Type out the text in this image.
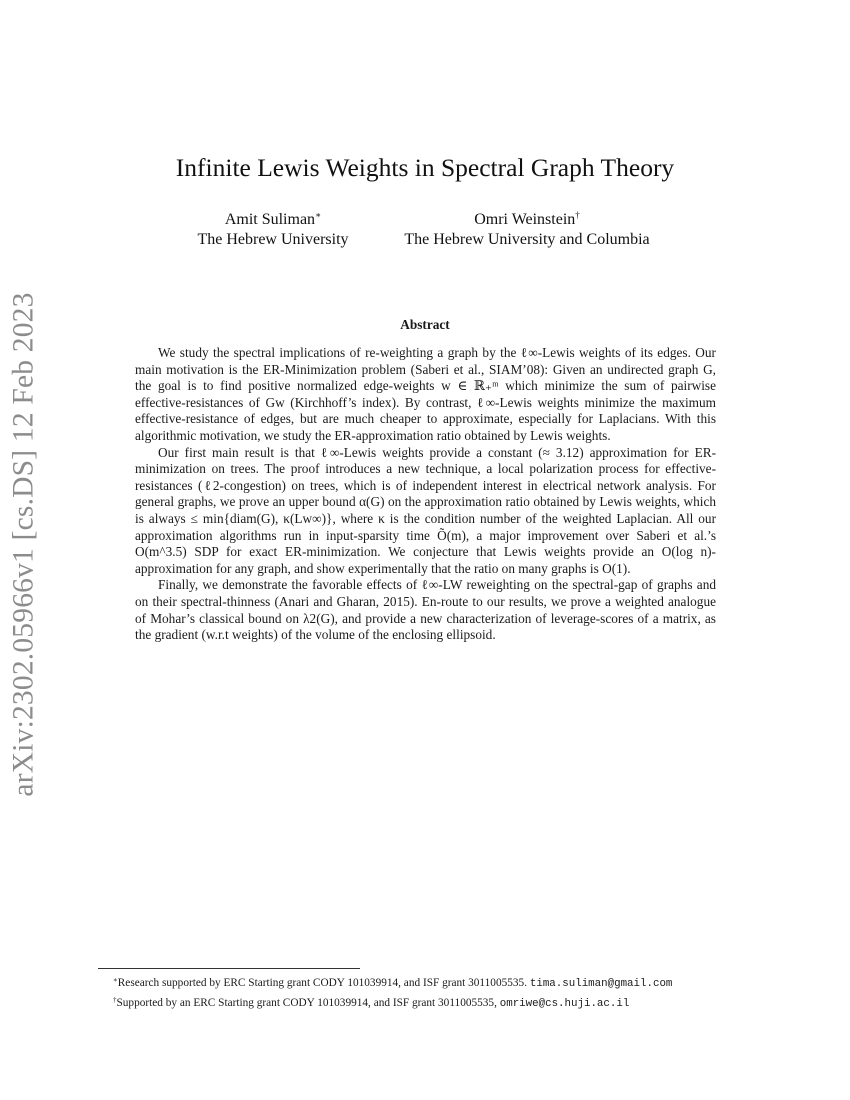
arXiv:2302.05966v1 [cs.DS] 12 Feb 2023
Infinite Lewis Weights in Spectral Graph Theory
Amit Suliman∗
The Hebrew University
Omri Weinstein†
The Hebrew University and Columbia
Abstract

We study the spectral implications of re-weighting a graph by the ℓ∞-Lewis weights of its edges. Our main motivation is the ER-Minimization problem (Saberi et al., SIAM’08): Given an undirected graph G, the goal is to find positive normalized edge-weights w ∈ ℝ₊ᵐ which minimize the sum of pairwise effective-resistances of Gw (Kirchhoff’s index). By contrast, ℓ∞-Lewis weights minimize the maximum effective-resistance of edges, but are much cheaper to approximate, especially for Laplacians. With this algorithmic motivation, we study the ER-approximation ratio obtained by Lewis weights.

Our first main result is that ℓ∞-Lewis weights provide a constant (≈ 3.12) approximation for ER-minimization on trees. The proof introduces a new technique, a local polarization process for effective-resistances (ℓ2-congestion) on trees, which is of independent interest in electrical network analysis. For general graphs, we prove an upper bound α(G) on the approximation ratio obtained by Lewis weights, which is always ≤ min{diam(G), κ(Lw∞)}, where κ is the condition number of the weighted Laplacian. All our approximation algorithms run in input-sparsity time Õ(m), a major improvement over Saberi et al.’s O(m^3.5) SDP for exact ER-minimization. We conjecture that Lewis weights provide an O(log n)-approximation for any graph, and show experimentally that the ratio on many graphs is O(1).

Finally, we demonstrate the favorable effects of ℓ∞-LW reweighting on the spectral-gap of graphs and on their spectral-thinness (Anari and Gharan, 2015). En-route to our results, we prove a weighted analogue of Mohar’s classical bound on λ2(G), and provide a new characterization of leverage-scores of a matrix, as the gradient (w.r.t weights) of the volume of the enclosing ellipsoid.

∗Research supported by ERC Starting grant CODY 101039914, and ISF grant 3011005535. tima.suliman@gmail.com
†Supported by an ERC Starting grant CODY 101039914, and ISF grant 3011005535, omriwe@cs.huji.ac.il
